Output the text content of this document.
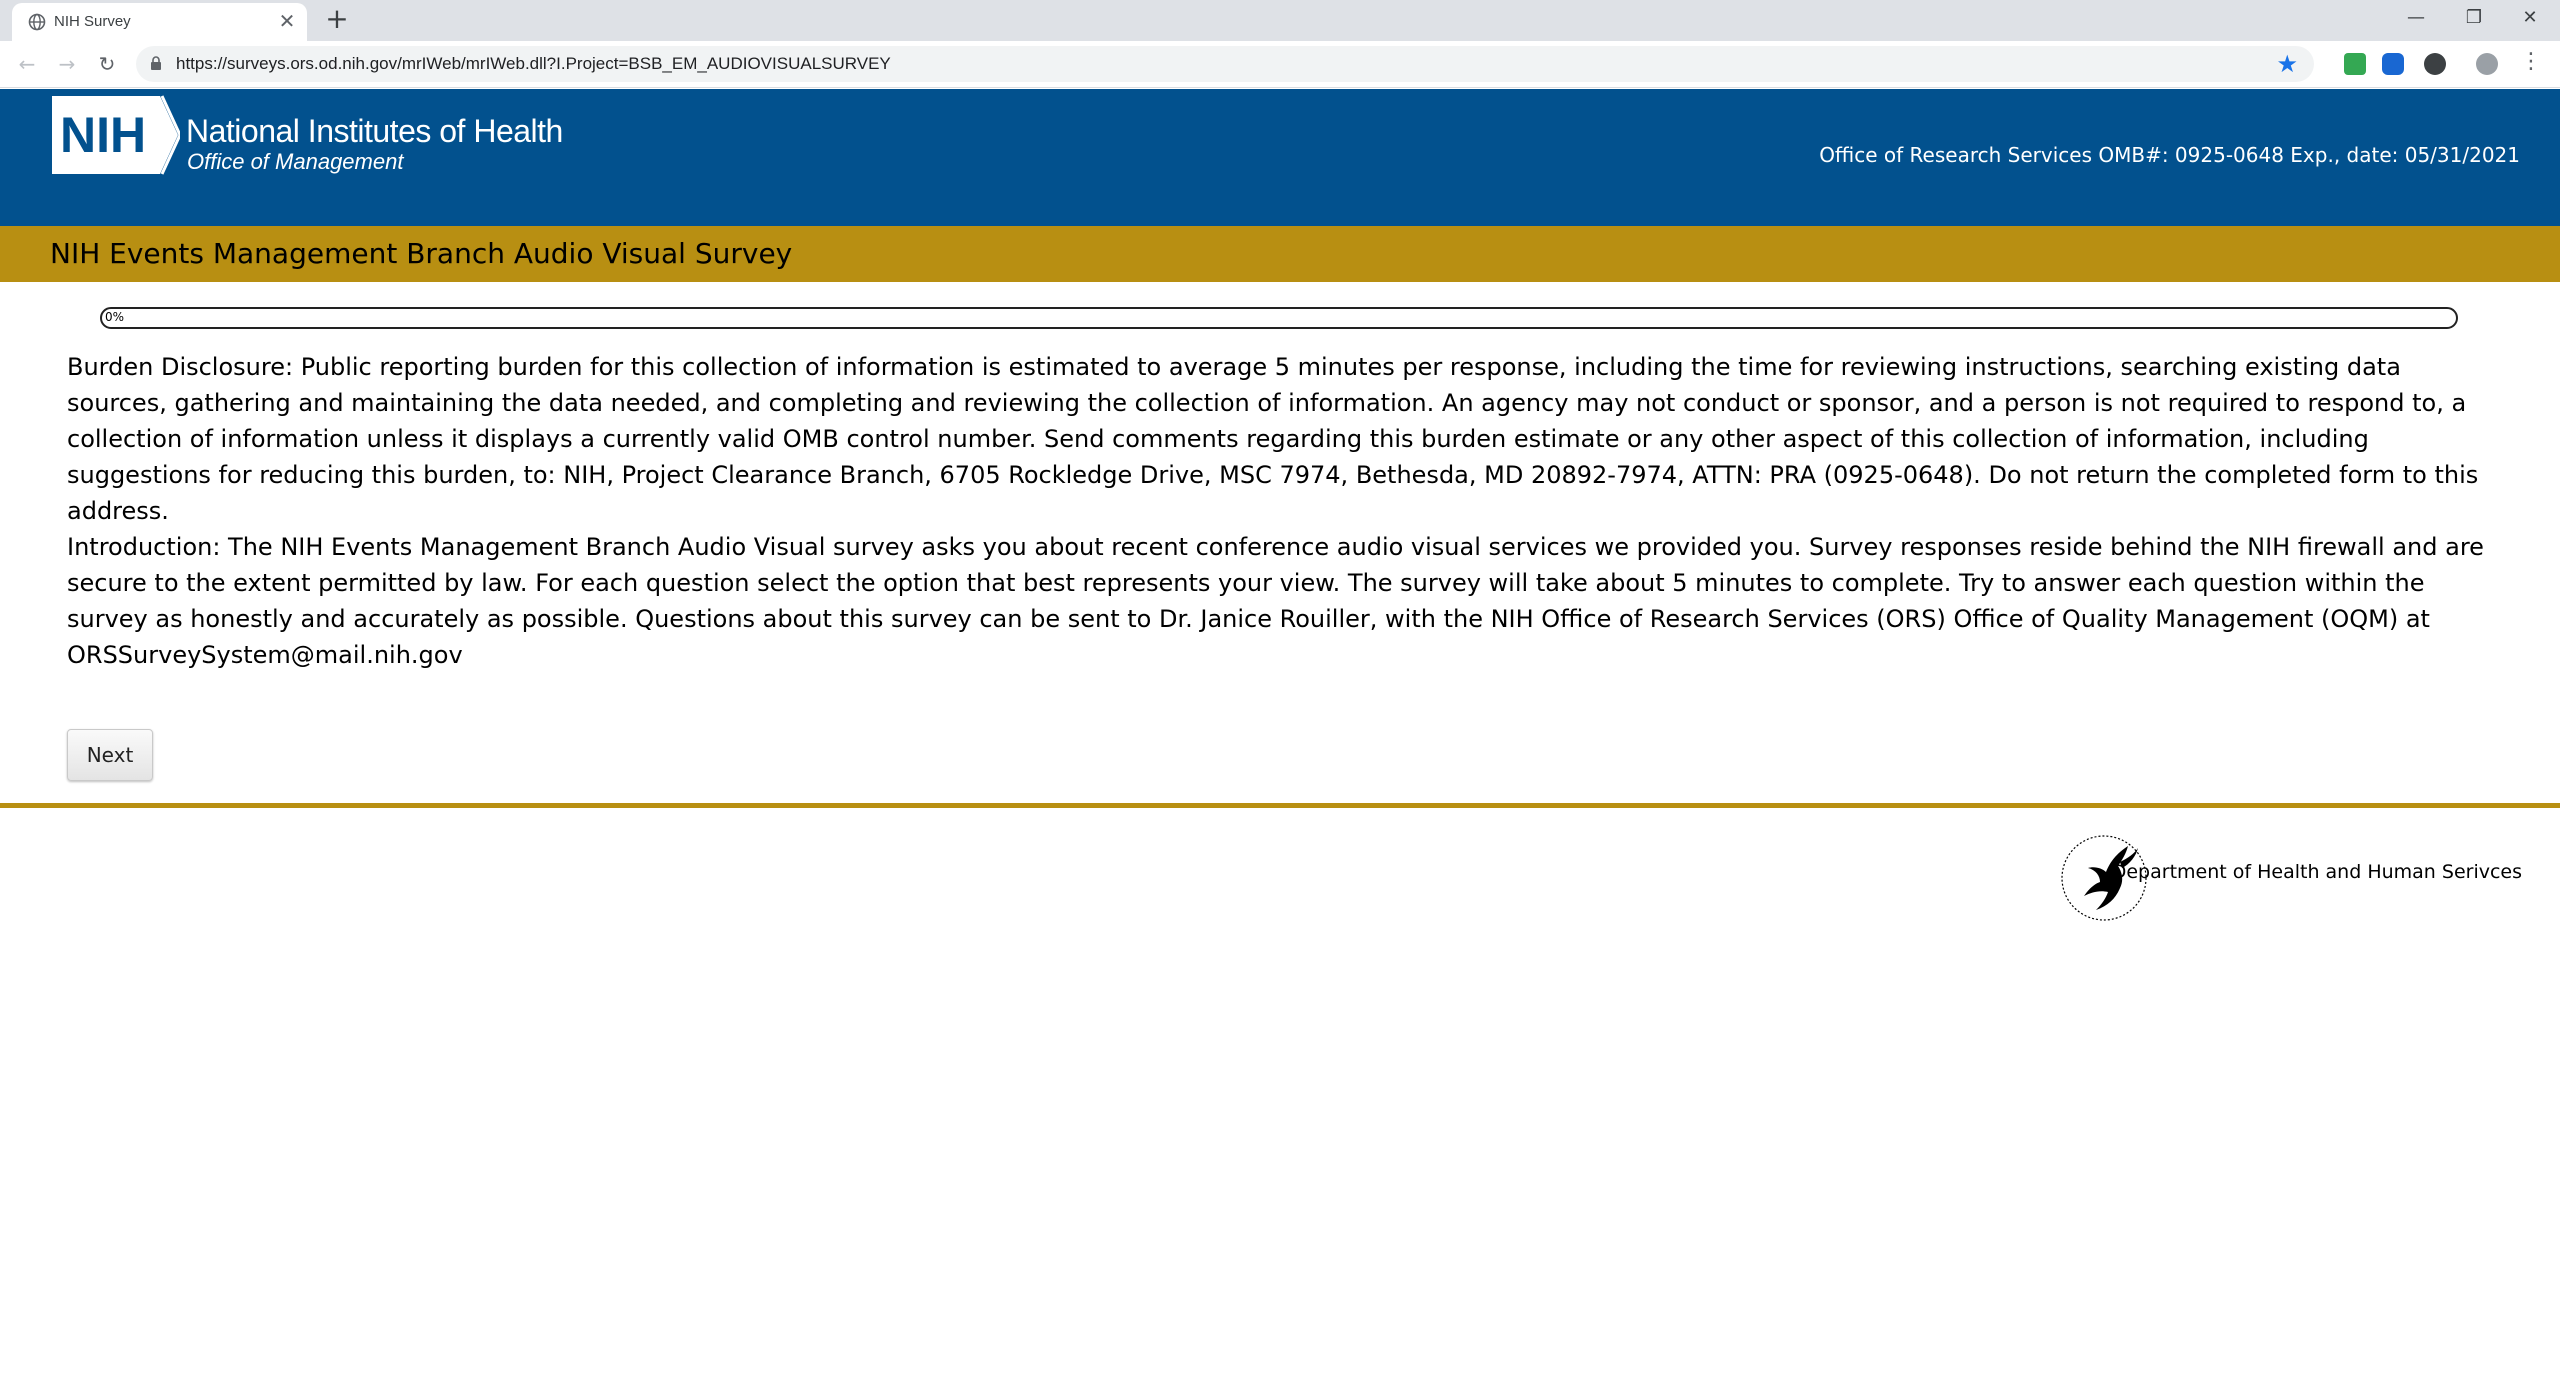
NIH Survey	✕ +	—	❐	✕
←	→	↻	https://surveys.ors.od.nih.gov/mrIWeb/mrIWeb.dll?I.Project=BSB_EM_AUDIOVISUALSURVEY	★	⋮
NIH National Institutes of Health
Office of Management	Office of Research Services OMB#: 0925-0648 Exp., date: 05/31/2021
NIH Events Management Branch Audio Visual Survey
0%
Burden Disclosure: Public reporting burden for this collection of information is estimated to average 5 minutes per response, including the time for reviewing instructions, searching existing data sources, gathering and maintaining the data needed, and completing and reviewing the collection of information. An agency may not conduct or sponsor, and a person is not required to respond to, a collection of information unless it displays a currently valid OMB control number. Send comments regarding this burden estimate or any other aspect of this collection of information, including suggestions for reducing this burden, to: NIH, Project Clearance Branch, 6705 Rockledge Drive, MSC 7974, Bethesda, MD 20892-7974, ATTN: PRA (0925-0648). Do not return the completed form to this address.
Introduction: The NIH Events Management Branch Audio Visual survey asks you about recent conference audio visual services we provided you. Survey responses reside behind the NIH firewall and are secure to the extent permitted by law. For each question select the option that best represents your view. The survey will take about 5 minutes to complete. Try to answer each question within the survey as honestly and accurately as possible. Questions about this survey can be sent to Dr. Janice Rouiller, with the NIH Office of Research Services (ORS) Office of Quality Management (OQM) at ORSSurveySystem@mail.nih.gov
Next
Department of Health and Human Serivces
